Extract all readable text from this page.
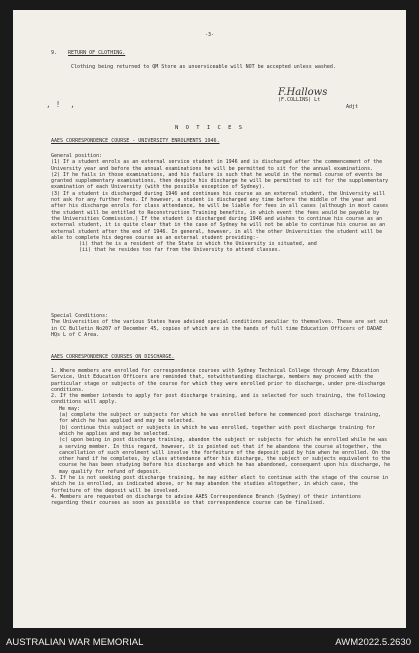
-3-
9. RETURN OF CLOTHING.

Clothing being returned to QM Store as unserviceable will NOT be accepted unless washed.

, !  ,
F.Hallows
(F.COLLINS) Lt
Adjt
N O T I C E S
AAES CORRESPONDENCE COURSE - UNIVERSITY ENROLMENTS 1946.

General position:

(1) If a student enrols as an external service student in 1946 and is discharged after the commencement of the University year and before the annual examinations he will be permitted to sit for the annual examinations.

(2) If he fails in those examinations, and his failure is such that he would in the normal course of events be granted supplementary examinations, then despite his discharge he will be permitted to sit for the supplementary examination of each University (with the possible exception of Sydney).

(3) If a student is discharged during 1946 and continues his course as an external student, the University will not ask for any further fees. If however, a student is discharged any time before the middle of the year and after his discharge enrols for class attendance, he will be liable for fees in all cases (although in most cases the student will be entitled to Reconstruction Training benefits, in which event the fees would be payable by the Universities Commission.) If the student is discharged during 1946 and wishes to continue his course as an external student, it is quite clear that in the case of Sydney he will not be able to continue his course as an external student after the end of 1946. In general, however, in all the other Universities the student will be able to complete his degree course as an external student providing:-

(i) that he is a resident of the State in which the University is situated, and

(ii) that he resides too far from the University to attend classes.

Special Conditions:

The Universities of the various States have advised special conditions peculiar to themselves. These are set out in CC Bulletin No207 of December 45, copies of which are in the hands of full time Education Officers of DADAE HQs L of C Area.

AAES CORRESPONDENCE COURSES ON DISCHARGE.

1. Where members are enrolled for correspondence courses with Sydney Technical College through Army Education Service, Unit Education Officers are reminded that, notwithstanding discharge, members may proceed with the particular stage or subjects of the course for which they were enrolled prior to discharge, under pre-discharge conditions.

2. If the member intends to apply for post discharge training, and is selected for such training, the following conditions will apply.

He may:

(a) complete the subject or subjects for which he was enrolled before he commenced post discharge training, for which he has applied and may be selected.

(b) continue this subject or subjects in which he was enrolled, together with post discharge training for which he applies and may be selected.

(c) upon being in post discharge training, abandon the subject or subjects for which he enrolled while he was a serving member. In this regard, however, it is pointed out that if he abandons the course altogether, the cancellation of such enrolment will involve the forfeiture of the deposit paid by him when he enrolled. On the other hand if he completes, by class attendance after his discharge, the subject or subjects equivalent to the course he has been studying before his discharge and which he has abandoned, consequent upon his discharge, he may qualify for refund of deposit.

3. If he is not seeking post discharge training, he may either elect to continue with the stage of the course in which he is enrolled, as indicated above, or he may abandon the studies altogether, in which case, the forfeiture of the deposit will be involved.

4. Members are requested on discharge to advise AAES Correspondence Branch (Sydney) of their intentions regarding their courses as soon as possible so that correspondence course can be finalised.

AUSTRALIAN WAR MEMORIAL	AWM2022.5.2630
